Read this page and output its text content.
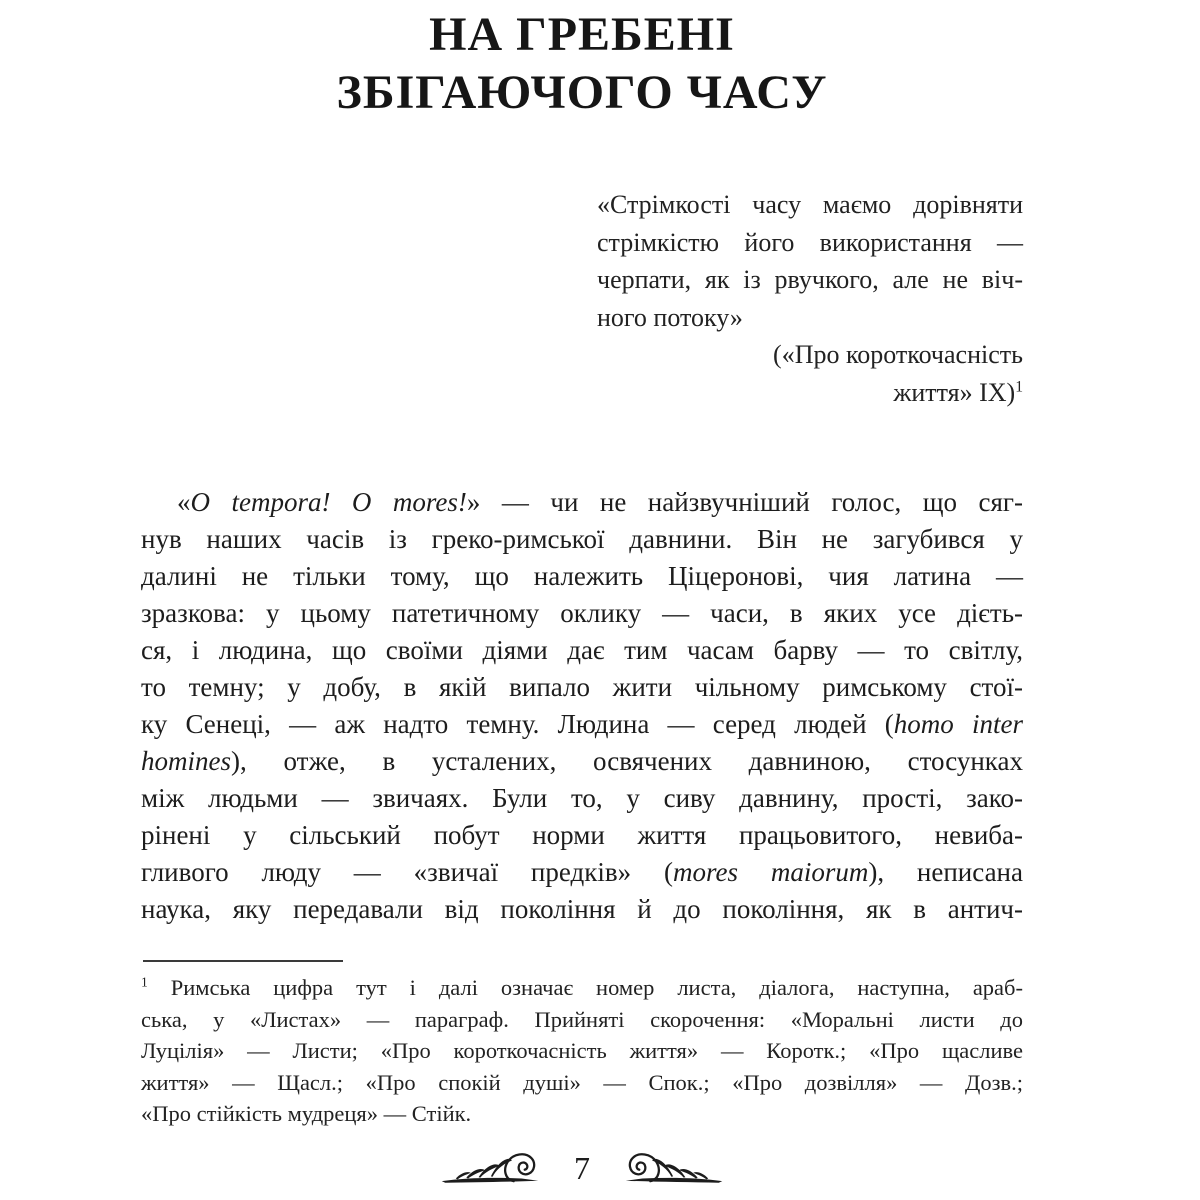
НА ГРЕБЕНІ
ЗБІГАЮЧОГО ЧАСУ
«Стрімкості часу маємо дорівняти
стрімкістю його використання —
черпати, як із рвучкого, але не віч-
ного потоку»
(«Про короткочасність
життя» IX)$^1$
«O tempora! O mores!» — чи не найзвучніший голос, що сяг-
нув наших часів із греко-римської давнини. Він не загубився у
далині не тільки тому, що належить Ціцеронові, чия латина —
зразкова: у цьому патетичному оклику — часи, в яких усе дієть-
ся, і людина, що своїми діями дає тим часам барву — то світлу,
то темну; у добу, в якій випало жити чільному римському стої-
ку Сенеці, — аж надто темну. Людина — серед людей (homo inter
homines), отже, в усталених, освячених давниною, стосунках
між людьми — звичаях. Були то, у сиву давнину, прості, зако-
рінені у сільський побут норми життя працьовитого, невиба-
гливого люду — «звичаї предків» (mores maiorum), неписана
наука, яку передавали від покоління й до покоління, як в антич-
$^1$ Римська цифра тут і далі означає номер листа, діалога, наступна, араб-
ська, у «Листах» — параграф. Прийняті скорочення: «Моральні листи до
Луцілія» — Листи; «Про короткочасність життя» — Коротк.; «Про щасливе
життя» — Щасл.; «Про спокій душі» — Спок.; «Про дозвілля» — Дозв.;
«Про стійкість мудреця» — Стійк.
7
